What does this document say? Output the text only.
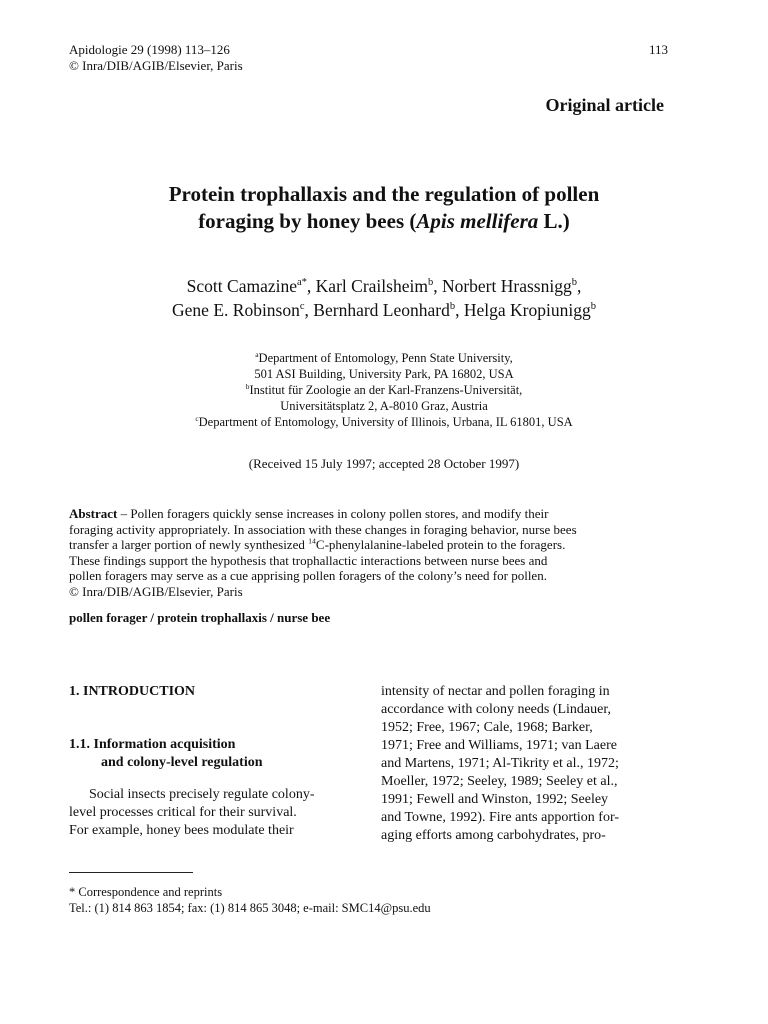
Apidologie 29 (1998) 113–126
© Inra/DIB/AGIB/Elsevier, Paris
113
Original article
Protein trophallaxis and the regulation of pollen
foraging by honey bees (Apis mellifera L.)
Scott Camazine$^{a*}$, Karl Crailsheim$^b$, Norbert Hrassnigg$^b$,
Gene E. Robinson$^c$, Bernhard Leonhard$^b$, Helga Kropiunigg$^b$
$^a$Department of Entomology, Penn State University,
501 ASI Building, University Park, PA 16802, USA
$^b$Institut für Zoologie an der Karl-Franzens-Universität,
Universitätsplatz 2, A-8010 Graz, Austria
$^c$Department of Entomology, University of Illinois, Urbana, IL 61801, USA
(Received 15 July 1997; accepted 28 October 1997)
Abstract – Pollen foragers quickly sense increases in colony pollen stores, and modify their
foraging activity appropriately. In association with these changes in foraging behavior, nurse bees
transfer a larger portion of newly synthesized $^{14}$C-phenylalanine-labeled protein to the foragers.
These findings support the hypothesis that trophallactic interactions between nurse bees and
pollen foragers may serve as a cue apprising pollen foragers of the colony’s need for pollen.
© Inra/DIB/AGIB/Elsevier, Paris
pollen forager / protein trophallaxis / nurse bee
1. INTRODUCTION
1.1. Information acquisition
and colony-level regulation
Social insects precisely regulate colony-
level processes critical for their survival.
For example, honey bees modulate their
intensity of nectar and pollen foraging in
accordance with colony needs (Lindauer,
1952; Free, 1967; Cale, 1968; Barker,
1971; Free and Williams, 1971; van Laere
and Martens, 1971; Al-Tikrity et al., 1972;
Moeller, 1972; Seeley, 1989; Seeley et al.,
1991; Fewell and Winston, 1992; Seeley
and Towne, 1992). Fire ants apportion for-
aging efforts among carbohydrates, pro-
* Correspondence and reprints
Tel.: (1) 814 863 1854; fax: (1) 814 865 3048; e-mail: SMC14@psu.edu
